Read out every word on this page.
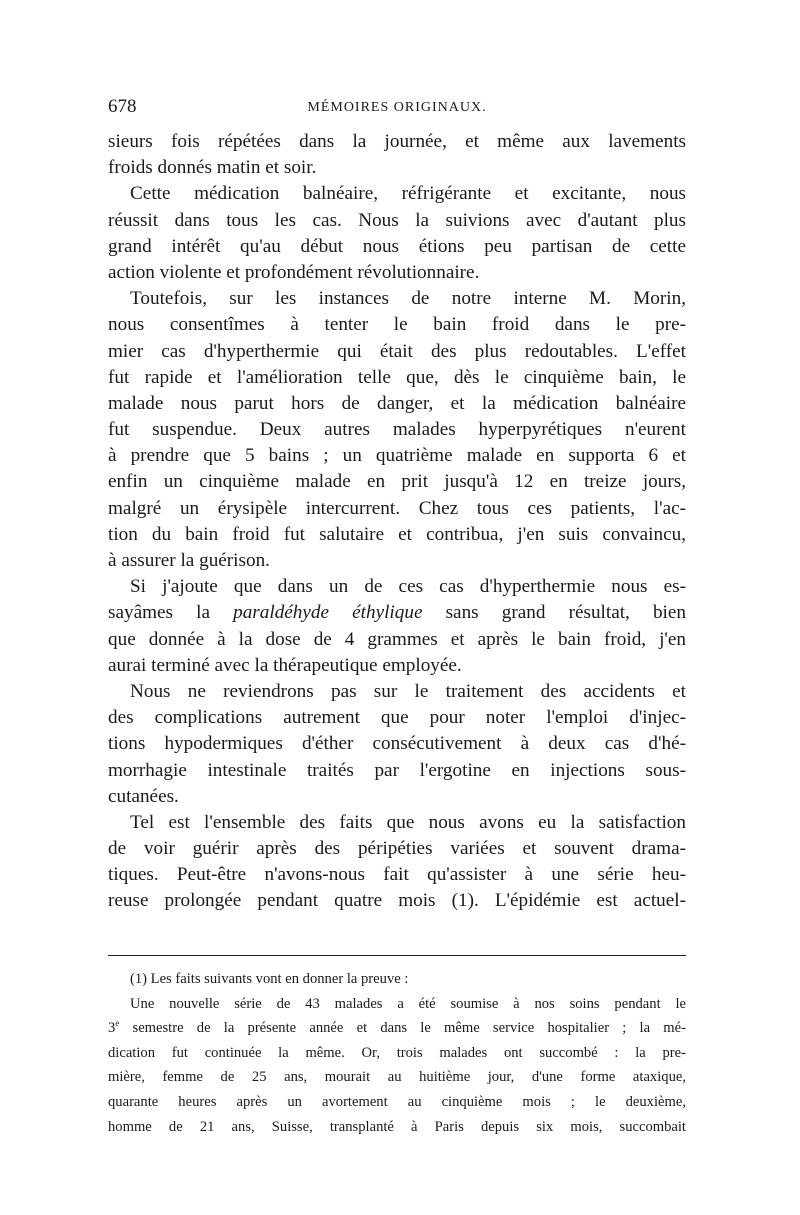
678	MÉMOIRES ORIGINAUX.
sieurs fois répétées dans la journée, et même aux lavements
froids donnés matin et soir.
Cette médication balnéaire, réfrigérante et excitante, nous
réussit dans tous les cas. Nous la suivions avec d'autant plus
grand intérêt qu'au début nous étions peu partisan de cette
action violente et profondément révolutionnaire.
Toutefois, sur les instances de notre interne M. Morin,
nous consentîmes à tenter le bain froid dans le pre-
mier cas d'hyperthermie qui était des plus redoutables. L'effet
fut rapide et l'amélioration telle que, dès le cinquième bain, le
malade nous parut hors de danger, et la médication balnéaire
fut suspendue. Deux autres malades hyperpyrétiques n'eurent
à prendre que 5 bains ; un quatrième malade en supporta 6 et
enfin un cinquième malade en prit jusqu'à 12 en treize jours,
malgré un érysipèle intercurrent. Chez tous ces patients, l'ac-
tion du bain froid fut salutaire et contribua, j'en suis convaincu,
à assurer la guérison.
Si j'ajoute que dans un de ces cas d'hyperthermie nous es-
sayâmes la paraldéhyde éthylique sans grand résultat, bien
que donnée à la dose de 4 grammes et après le bain froid, j'en
aurai terminé avec la thérapeutique employée.
Nous ne reviendrons pas sur le traitement des accidents et
des complications autrement que pour noter l'emploi d'injec-
tions hypodermiques d'éther consécutivement à deux cas d'hé-
morrhagie intestinale traités par l'ergotine en injections sous-
cutanées.
Tel est l'ensemble des faits que nous avons eu la satisfaction
de voir guérir après des péripéties variées et souvent drama-
tiques. Peut-être n'avons-nous fait qu'assister à une série heu-
reuse prolongée pendant quatre mois (1). L'épidémie est actuel-
(1) Les faits suivants vont en donner la preuve :
Une nouvelle série de 43 malades a été soumise à nos soins pendant le
3e semestre de la présente année et dans le même service hospitalier ; la mé-
dication fut continuée la même. Or, trois malades ont succombé : la pre-
mière, femme de 25 ans, mourait au huitième jour, d'une forme ataxique,
quarante heures après un avortement au cinquième mois ; le deuxième,
homme de 21 ans, Suisse, transplanté à Paris depuis six mois, succombait
